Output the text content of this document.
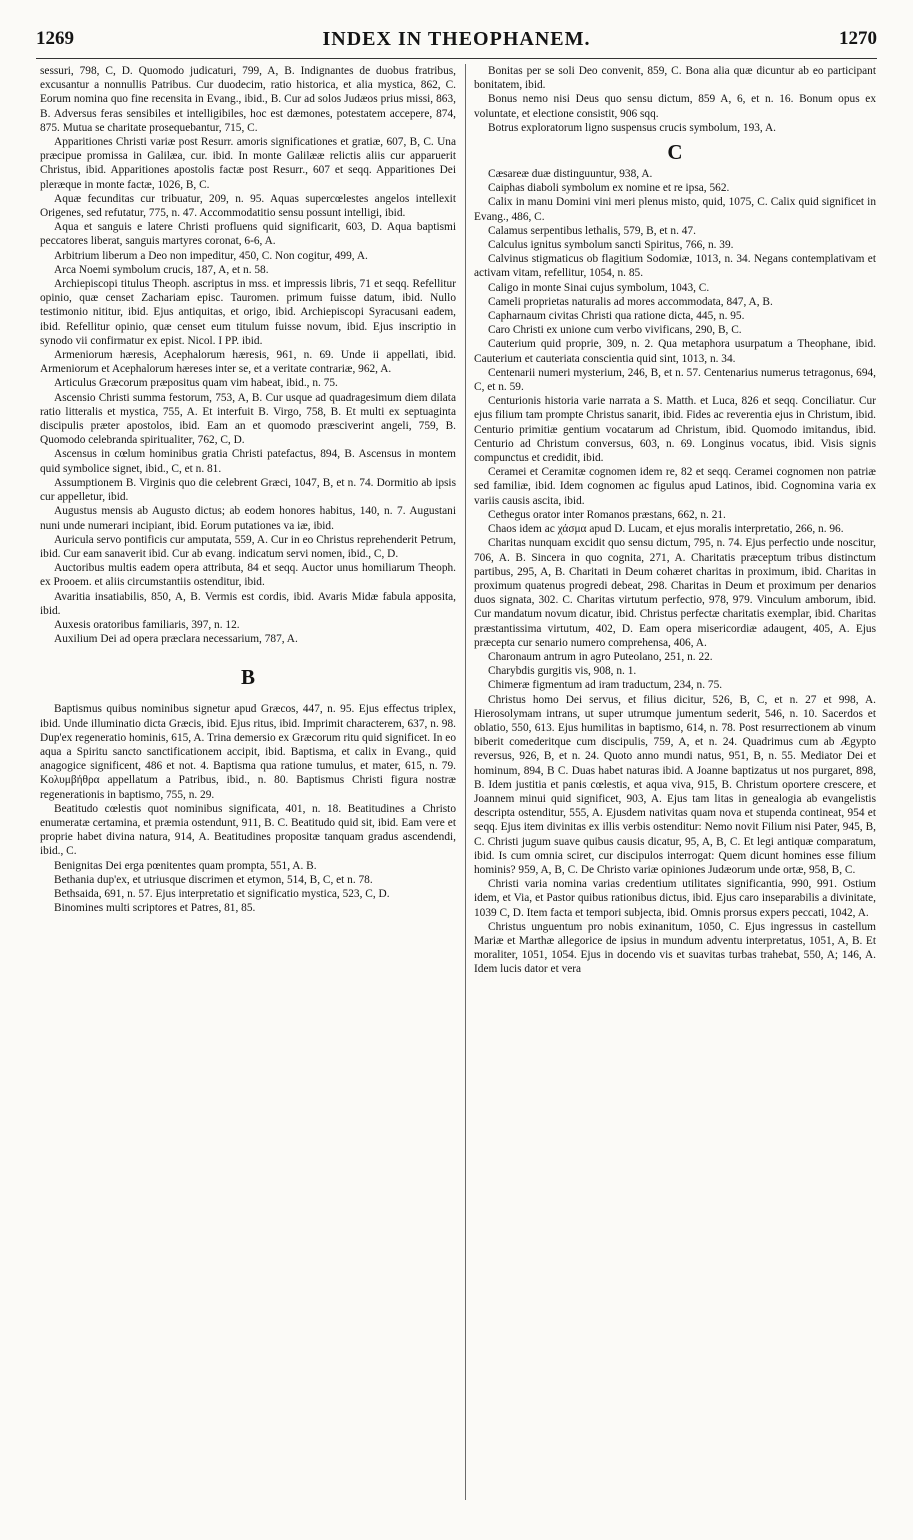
1269	INDEX IN THEOPHANEM.	1270

sessuri, 798, C, D. Quomodo judicaturi, 799, A, B. Indignantes de duobus fratribus, excusantur a nonnullis Patribus. Cur duodecim, ratio historica, et alia mystica, 862, C. Eorum nomina quo fine recensita in Evang., ibid., B. Cur ad solos Judæos prius missi, 863, B. Adversus feras sensibiles et intelligibiles, hoc est dæmones, potestatem accepere, 874, 875. Mutua se charitate prosequebantur, 715, C.

Apparitiones Christi variæ post Resurr. amoris significationes et gratiæ, 607, B, C. Una præcipue promissa in Galilæa, cur. ibid. In monte Galilææ relictis aliis cur apparuerit Christus, ibid. Apparitiones apostolis factæ post Resurr., 607 et seqq. Apparitiones Dei pleræque in monte factæ, 1026, B, C.

Aquæ fecunditas cur tribuatur, 209, n. 95. Aquas supercœlestes angelos intellexit Origenes, sed refutatur, 775, n. 47. Accommodatitio sensu possunt intelligi, ibid.

Aqua et sanguis e latere Christi profluens quid significarit, 603, D. Aqua baptismi peccatores liberat, sanguis martyres coronat, 6-6, A.

Arbitrium liberum a Deo non impeditur, 450, C. Non cogitur, 499, A.

Arca Noemi symbolum crucis, 187, A, et n. 58.

Archiepiscopi titulus Theoph. ascriptus in mss. et impressis libris, 71 et seqq. Refellitur opinio, quæ censet Zachariam episc. Tauromen. primum fuisse datum, ibid. Nullo testimonio nititur, ibid. Ejus antiquitas, et origo, ibid. Archiepiscopi Syracusani eadem, ibid. Refellitur opinio, quæ censet eum titulum fuisse novum, ibid. Ejus inscriptio in synodo vii confirmatur ex epist. Nicol. I PP. ibid.

Armeniorum hæresis, Acephalorum hæresis, 961, n. 69. Unde ii appellati, ibid. Armeniorum et Acephalorum hæreses inter se, et a veritate contrariæ, 962, A.

Articulus Græcorum præpositus quam vim habeat, ibid., n. 75.

Ascensio Christi summa festorum, 753, A, B. Cur usque ad quadragesimum diem dilata ratio litteralis et mystica, 755, A. Et interfuit B. Virgo, 758, B. Et multi ex septuaginta discipulis præter apostolos, ibid. Eam an et quomodo præsciverint angeli, 759, B. Quomodo celebranda spiritualiter, 762, C, D.

Ascensus in cœlum hominibus gratia Christi patefactus, 894, B. Ascensus in montem quid symbolice signet, ibid., C, et n. 81.

Assumptionem B. Virginis quo die celebrent Græci, 1047, B, et n. 74. Dormitio ab ipsis cur appelletur, ibid.

Augustus mensis ab Augusto dictus; ab eodem honores habitus, 140, n. 7. Augustani nuni unde numerari incipiant, ibid. Eorum putationes va iæ, ibid.

Auricula servo pontificis cur amputata, 559, A. Cur in eo Christus reprehenderit Petrum, ibid. Cur eam sanaverit ibid. Cur ab evang. indicatum servi nomen, ibid., C, D.

Auctoribus multis eadem opera attributa, 84 et seqq. Auctor unus homiliarum Theoph. ex Prooem. et aliis circumstantiis ostenditur, ibid.

Avaritia insatiabilis, 850, A, B. Vermis est cordis, ibid. Avaris Midæ fabula apposita, ibid.

Auxesis oratoribus familiaris, 397, n. 12.

Auxilium Dei ad opera præclara necessarium, 787, A.

B

Baptismus quibus nominibus signetur apud Græcos, 447, n. 95. Ejus effectus triplex, ibid. Unde illuminatio dicta Græcis, ibid. Ejus ritus, ibid. Imprimit characterem, 637, n. 98. Dup'ex regeneratio hominis, 615, A. Trina demersio ex Græcorum ritu quid significet. In eo aqua a Spiritu sancto sanctificationem accipit, ibid. Baptisma, et calix in Evang., quid anagogice significent, 486 et not. 4. Baptisma qua ratione tumulus, et mater, 615, n. 79. Κολυμβήθρα appellatum a Patribus, ibid., n. 80. Baptismus Christi figura nostræ regenerationis in baptismo, 755, n. 29.

Beatitudo cœlestis quot nominibus significata, 401, n. 18. Beatitudines a Christo enumeratæ certamina, et præmia ostendunt, 911, B. C. Beatitudo quid sit, ibid. Eam vere et proprie habet divina natura, 914, A. Beatitudines propositæ tanquam gradus ascendendi, ibid., C.

Benignitas Dei erga pœnitentes quam prompta, 551, A. B.

Bethania dup'ex, et utriusque discrimen et etymon, 514, B, C, et n. 78.

Bethsaida, 691, n. 57. Ejus interpretatio et significatio mystica, 523, C, D.

Binomines multi scriptores et Patres, 81, 85.

Bonitas per se soli Deo convenit, 859, C. Bona alia quæ dicuntur ab eo participant bonitatem, ibid.

Bonus nemo nisi Deus quo sensu dictum, 859 A, 6, et n. 16. Bonum opus ex voluntate, et electione consistit, 906 sqq.

Botrus exploratorum ligno suspensus crucis symbolum, 193, A.

C

Cæsareæ duæ distinguuntur, 938, A.

Caiphas diaboli symbolum ex nomine et re ipsa, 562.

Calix in manu Domini vini meri plenus misto, quid, 1075, C. Calix quid significet in Evang., 486, C.

Calamus serpentibus lethalis, 579, B, et n. 47.

Calculus ignitus symbolum sancti Spiritus, 766, n. 39.

Calvinus stigmaticus ob flagitium Sodomiæ, 1013, n. 34. Negans contemplativam et activam vitam, refellitur, 1054, n. 85.

Caligo in monte Sinai cujus symbolum, 1043, C.

Cameli proprietas naturalis ad mores accommodata, 847, A, B.

Capharnaum civitas Christi qua ratione dicta, 445, n. 95.

Caro Christi ex unione cum verbo vivificans, 290, B, C.

Cauterium quid proprie, 309, n. 2. Qua metaphora usurpatum a Theophane, ibid. Cauterium et cauteriata conscientia quid sint, 1013, n. 34.

Centenarii numeri mysterium, 246, B, et n. 57. Centenarius numerus tetragonus, 694, C, et n. 59.

Centurionis historia varie narrata a S. Matth. et Luca, 826 et seqq. Conciliatur. Cur ejus filium tam prompte Christus sanarit, ibid. Fides ac reverentia ejus in Christum, ibid. Centurio primitiæ gentium vocatarum ad Christum, ibid. Quomodo imitandus, ibid. Centurio ad Christum conversus, 603, n. 69. Longinus vocatus, ibid. Visis signis compunctus et credidit, ibid.

Ceramei et Ceramitæ cognomen idem re, 82 et seqq. Ceramei cognomen non patriæ sed familiæ, ibid. Idem cognomen ac figulus apud Latinos, ibid. Cognomina varia ex variis causis ascita, ibid.

Cethegus orator inter Romanos præstans, 662, n. 21.

Chaos idem ac χάσμα apud D. Lucam, et ejus moralis interpretatio, 266, n. 96.

Charitas nunquam excidit quo sensu dictum, 795, n. 74. Ejus perfectio unde noscitur, 706, A. B. Sincera in quo cognita, 271, A. Charitatis præceptum tribus distinctum partibus, 295, A, B. Charitati in Deum cohæret charitas in proximum, ibid. Charitas in proximum quatenus progredi debeat, 298. Charitas in Deum et proximum per denarios duos signata, 302. C. Charitas virtutum perfectio, 978, 979. Vinculum amborum, ibid. Cur mandatum novum dicatur, ibid. Christus perfectæ charitatis exemplar, ibid. Charitas præstantissima virtutum, 402, D. Eam opera misericordiæ adaugent, 405, A. Ejus præcepta cur senario numero comprehensa, 406, A.

Charonaum antrum in agro Puteolano, 251, n. 22.

Charybdis gurgitis vis, 908, n. 1.

Chimeræ figmentum ad iram traductum, 234, n. 75.

Christus homo Dei servus, et filius dicitur, 526, B, C, et n. 27 et 998, A. Hierosolymam intrans, ut super utrumque jumentum sederit, 546, n. 10. Sacerdos et oblatio, 550, 613. Ejus humilitas in baptismo, 614, n. 78. Post resurrectionem ab vinum biberit comederitque cum discipulis, 759, A, et n. 24. Quadrimus cum ab Ægypto reversus, 926, B, et n. 24. Quoto anno mundi natus, 951, B, n. 55. Mediator Dei et hominum, 894, B C. Duas habet naturas ibid. A Joanne baptizatus ut nos purgaret, 898, B. Idem justitia et panis cœlestis, et aqua viva, 915, B. Christum oportere crescere, et Joannem minui quid significet, 903, A. Ejus tam litas in genealogia ab evangelistis descripta ostenditur, 555, A. Ejusdem nativitas quam nova et stupenda contineat, 954 et seqq. Ejus item divinitas ex illis verbis ostenditur: Nemo novit Filium nisi Pater, 945, B, C. Christi jugum suave quibus causis dicatur, 95, A, B, C. Et legi antiquæ comparatum, ibid. Is cum omnia sciret, cur discipulos interrogat: Quem dicunt homines esse filium hominis? 959, A, B, C. De Christo variæ opiniones Judæorum unde ortæ, 958, B, C.

Christi varia nomina varias credentium utilitates significantia, 990, 991. Ostium idem, et Via, et Pastor quibus rationibus dictus, ibid. Ejus caro inseparabilis a divinitate, 1039 C, D. Item facta et tempori subjecta, ibid. Omnis prorsus expers peccati, 1042, A.

Christus unguentum pro nobis exinanitum, 1050, C. Ejus ingressus in castellum Mariæ et Marthæ allegorice de ipsius in mundum adventu interpretatus, 1051, A, B. Et moraliter, 1051, 1054. Ejus in docendo vis et suavitas turbas trahebat, 550, A; 146, A. Idem lucis dator et vera
